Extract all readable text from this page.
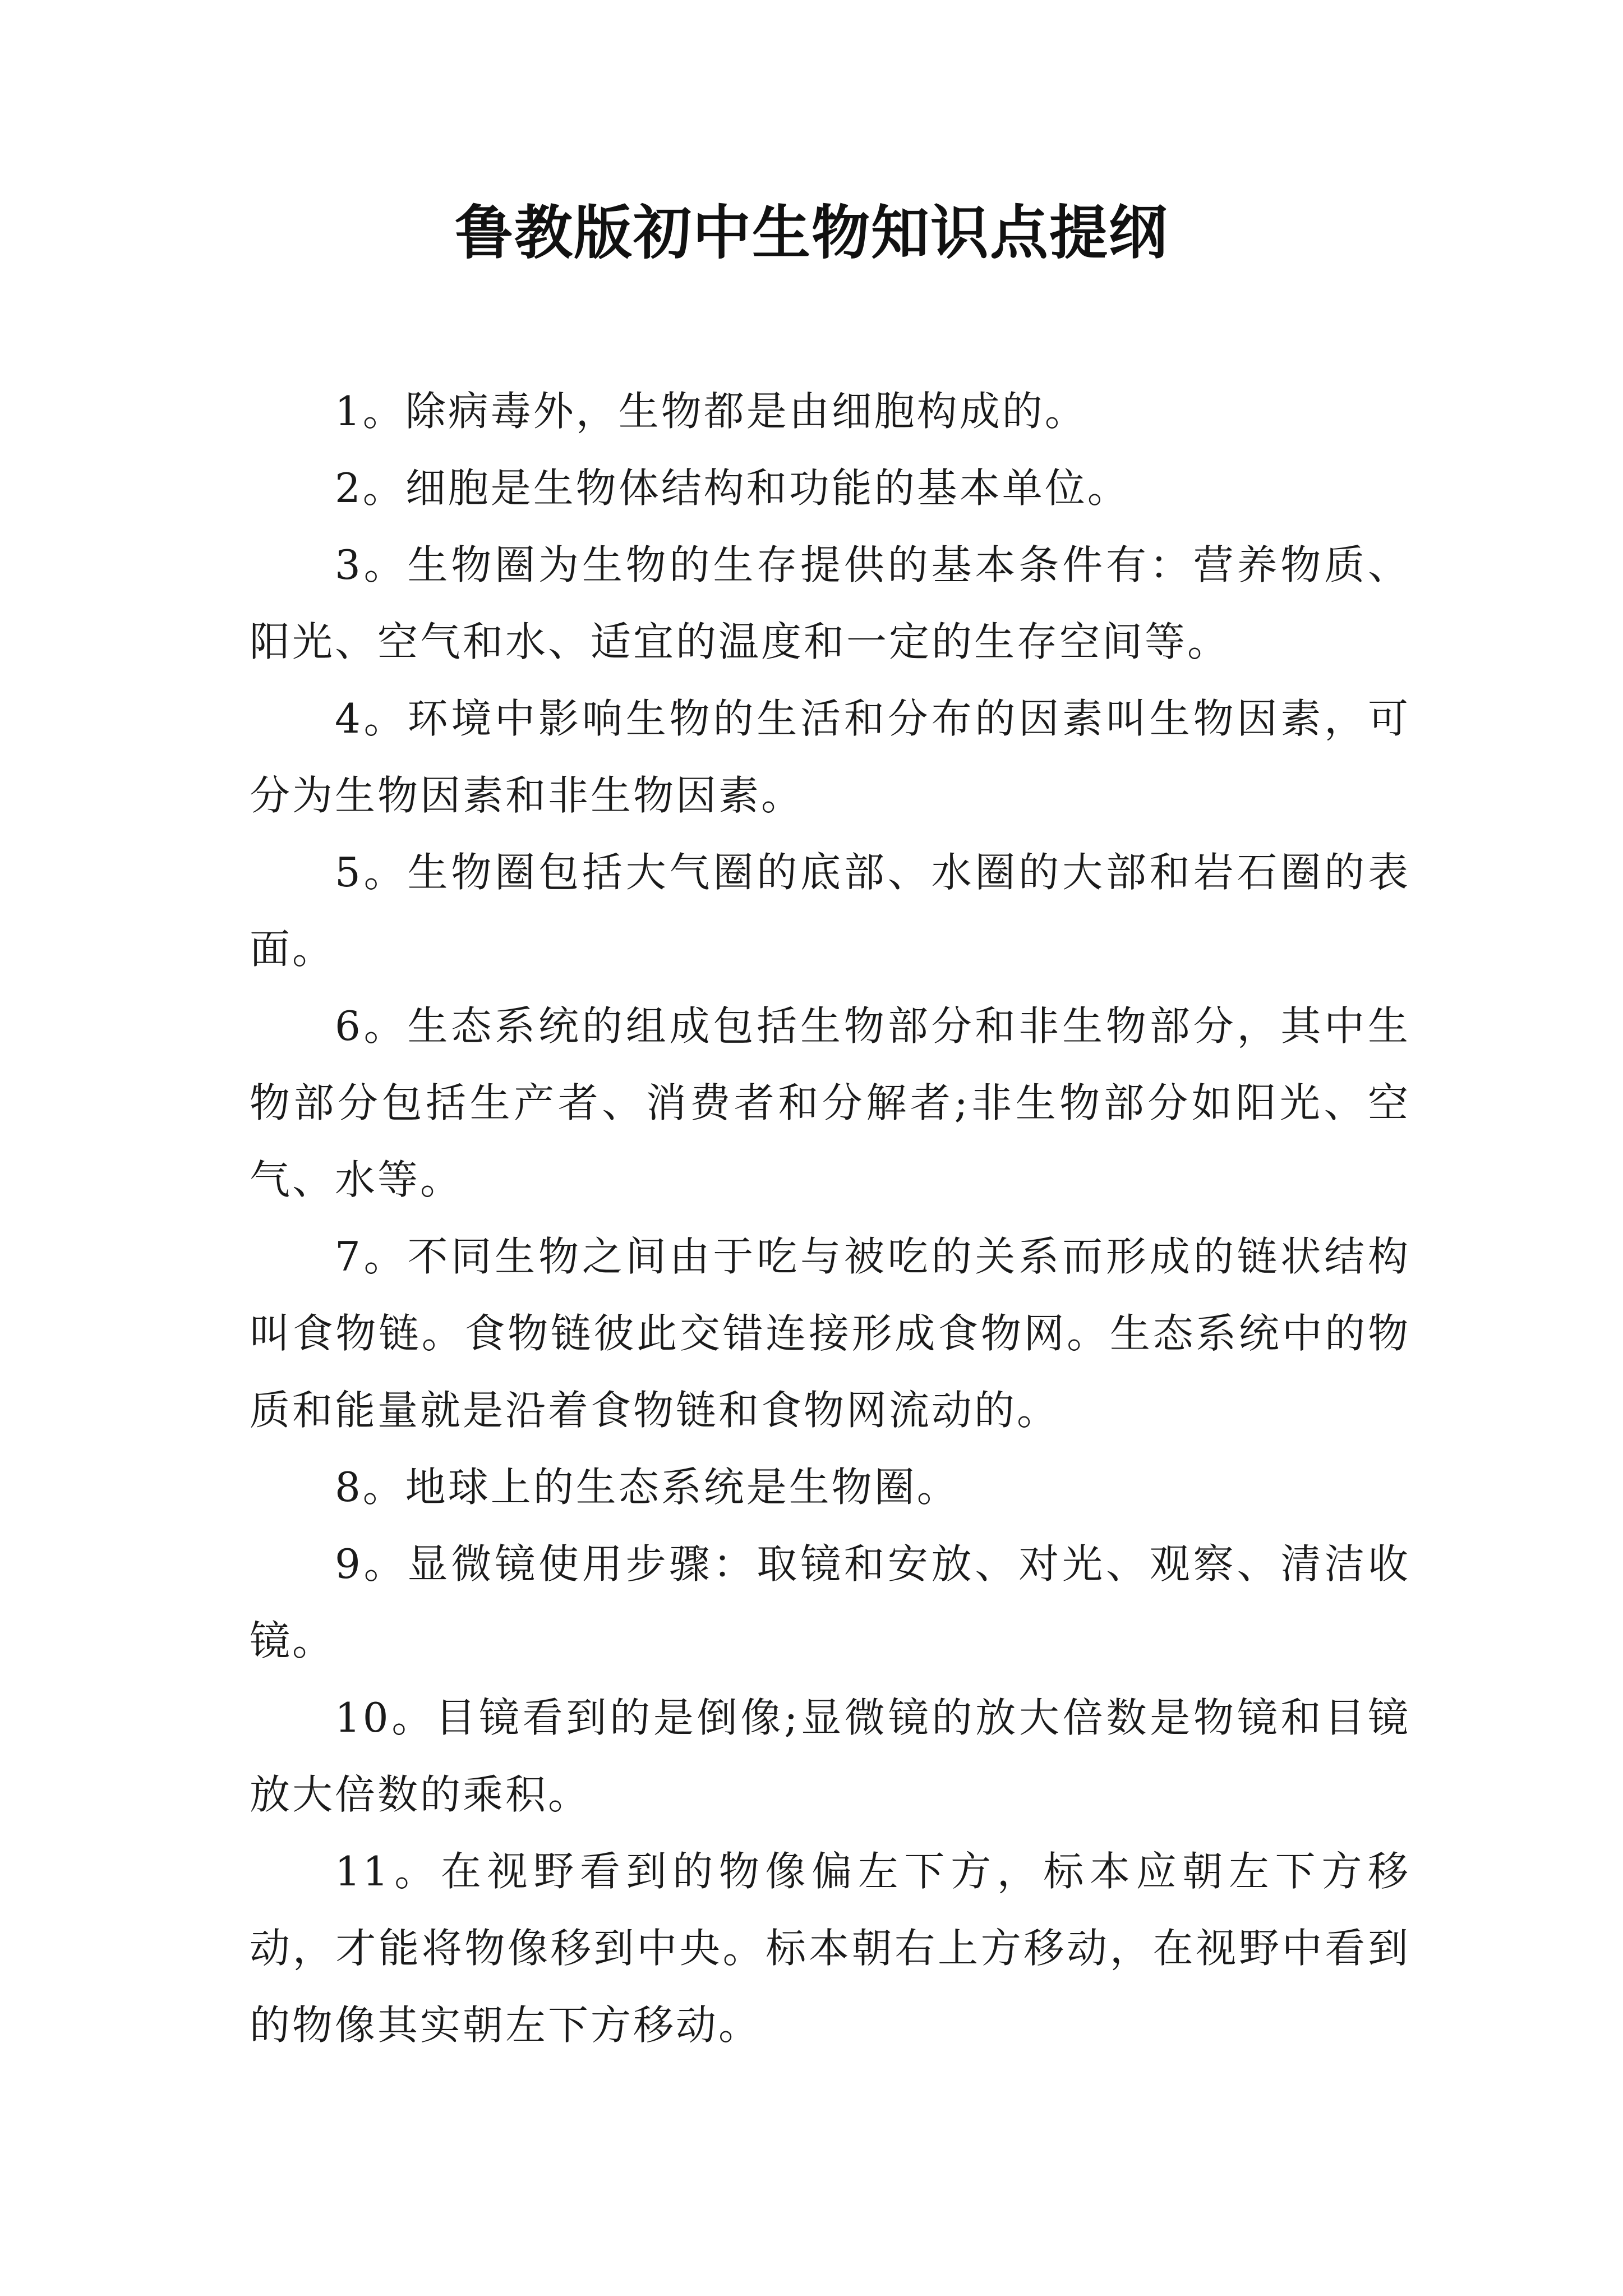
鲁教版初中生物知识点提纲

1。除病毒外，生物都是由细胞构成的。

2。细胞是生物体结构和功能的基本单位。

3。生物圈为生物的生存提供的基本条件有：营养物质、阳光、空气和水、适宜的温度和一定的生存空间等。

4。环境中影响生物的生活和分布的因素叫生物因素，可分为生物因素和非生物因素。

5。生物圈包括大气圈的底部、水圈的大部和岩石圈的表面。

6。生态系统的组成包括生物部分和非生物部分，其中生物部分包括生产者、消费者和分解者;非生物部分如阳光、空气、水等。

7。不同生物之间由于吃与被吃的关系而形成的链状结构叫食物链。食物链彼此交错连接形成食物网。生态系统中的物质和能量就是沿着食物链和食物网流动的。

8。地球上的生态系统是生物圈。

9。显微镜使用步骤：取镜和安放、对光、观察、清洁收镜。

10。目镜看到的是倒像;显微镜的放大倍数是物镜和目镜放大倍数的乘积。

11。在视野看到的物像偏左下方，标本应朝左下方移动，才能将物像移到中央。标本朝右上方移动，在视野中看到的物像其实朝左下方移动。
